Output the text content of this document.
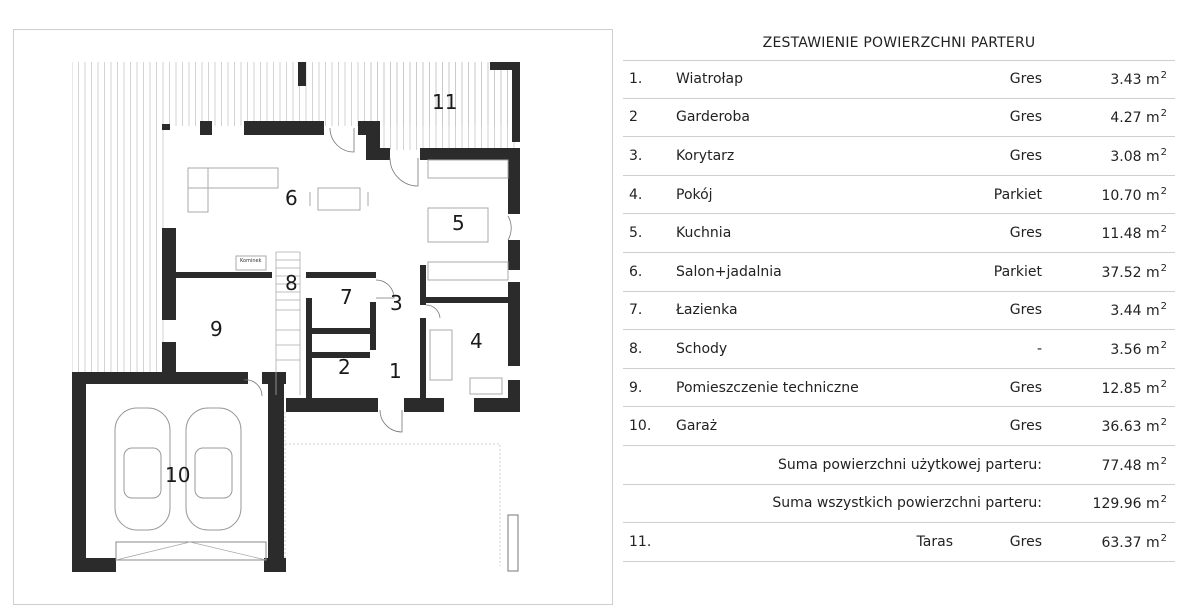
Kominek
1
2
3
4
5
6
7
8
9
10
11
ZESTAWIENIE POWIERZCHNI PARTERU
1. Wiatrołap	Gres	3.43 $m^2$
2	Garderoba	Gres	4.27 $m^2$
3. Korytarz	Gres	3.08 $m^2$
4. Pokój	Parkiet	10.70 $m^2$
5. Kuchnia	Gres	11.48 $m^2$
6. Salon+jadalnia	Parkiet	37.52 $m^2$
7. Łazienka	Gres	3.44 $m^2$
8. Schody	-	3.56 $m^2$
9. Pomieszczenie techniczne	Gres	12.85 $m^2$
10. Garaż	Gres	36.63 $m^2$
Suma powierzchni użytkowej parteru:	77.48 $m^2$
Suma wszystkich powierzchni parteru:	129.96 $m^2$
11.	Taras	Gres	63.37 $m^2$
